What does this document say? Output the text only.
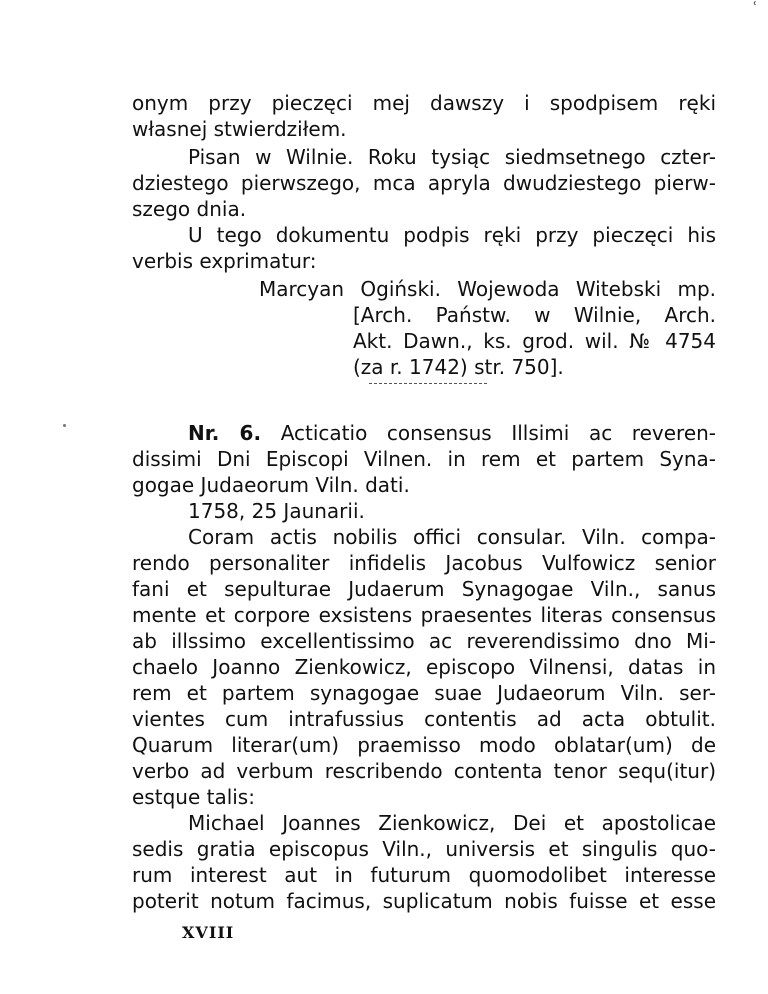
ʿ
onym przy pieczęci mej dawszy i spodpisem ręki
własnej stwierdziłem.
Pisan w Wilnie. Roku tysiąc siedmsetnego czter-
dziestego pierwszego, mca apryla dwudziestego pierw-
szego dnia.
U tego dokumentu podpis ręki przy pieczęci his
verbis exprimatur:
Marcyan Ogiński. Wojewoda Witebski mp.
[Arch. Państw. w Wilnie, Arch.
Akt. Dawn., ks. grod. wil. № 4754
(za r. 1742) str. 750].
Nr. 6. Acticatio consensus Illsimi ac reveren-
dissimi Dni Episcopi Vilnen. in rem et partem Syna-
gogae Judaeorum Viln. dati.
1758, 25 Jaunarii.
Coram actis nobilis offici consular. Viln. compa-
rendo personaliter infidelis Jacobus Vulfowicz senior
fani et sepulturae Judaerum Synagogae Viln., sanus
mente et corpore exsistens praesentes literas consensus
ab illssimo excellentissimo ac reverendissimo dno Mi-
chaelo Joanno Zienkowicz, episcopo Vilnensi, datas in
rem et partem synagogae suae Judaeorum Viln. ser-
vientes cum intrafussius contentis ad acta obtulit.
Quarum literar(um) praemisso modo oblatar(um) de
verbo ad verbum rescribendo contenta tenor sequ(itur)
estque talis:
Michael Joannes Zienkowicz, Dei et apostolicae
sedis gratia episcopus Viln., universis et singulis quo-
rum interest aut in futurum quomodolibet interesse
poterit notum facimus, suplicatum nobis fuisse et esse
XVIII
